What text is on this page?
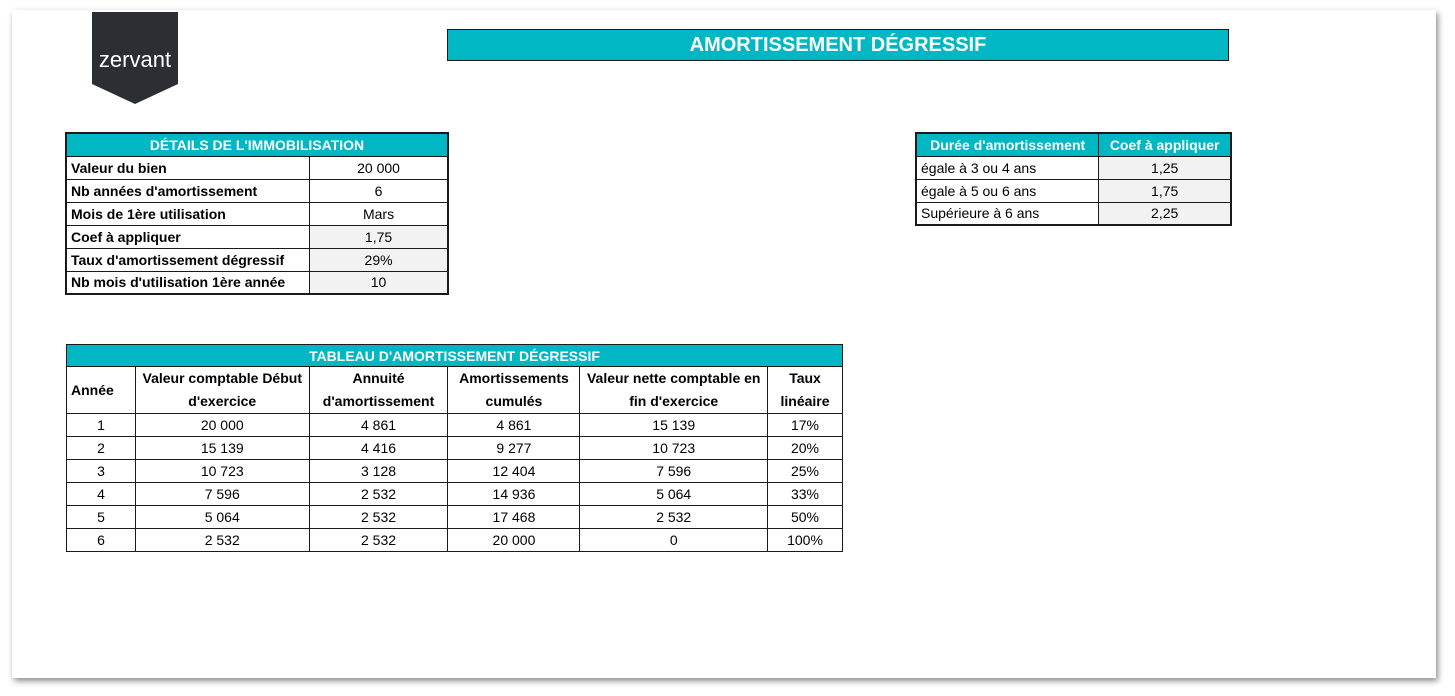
zervant
AMORTISSEMENT DÉGRESSIF
DÉTAILS DE L'IMMOBILISATION	
Valeur du bien	20 000
Nb années d'amortissement	6
Mois de 1ère utilisation	Mars
Coef à appliquer	1,75
Taux d'amortissement dégressif	29%
Nb mois d'utilisation 1ère année	10
Durée d'amortissement	Coef à appliquer
égale à 3 ou 4 ans	1,25
égale à 5 ou 6 ans	1,75
Supérieure à 6 ans	2,25
TABLEAU D'AMORTISSEMENT DÉGRESSIF					
Année	Valeur comptable Début d'exercice	Annuité d'amortissement	Amortissements cumulés	Valeur nette comptable en fin d'exercice	Taux linéaire
1	20 000	4 861	4 861	15 139	17%
2	15 139	4 416	9 277	10 723	20%
3	10 723	3 128	12 404	7 596	25%
4	7 596	2 532	14 936	5 064	33%
5	5 064	2 532	17 468	2 532	50%
6	2 532	2 532	20 000	0	100%
